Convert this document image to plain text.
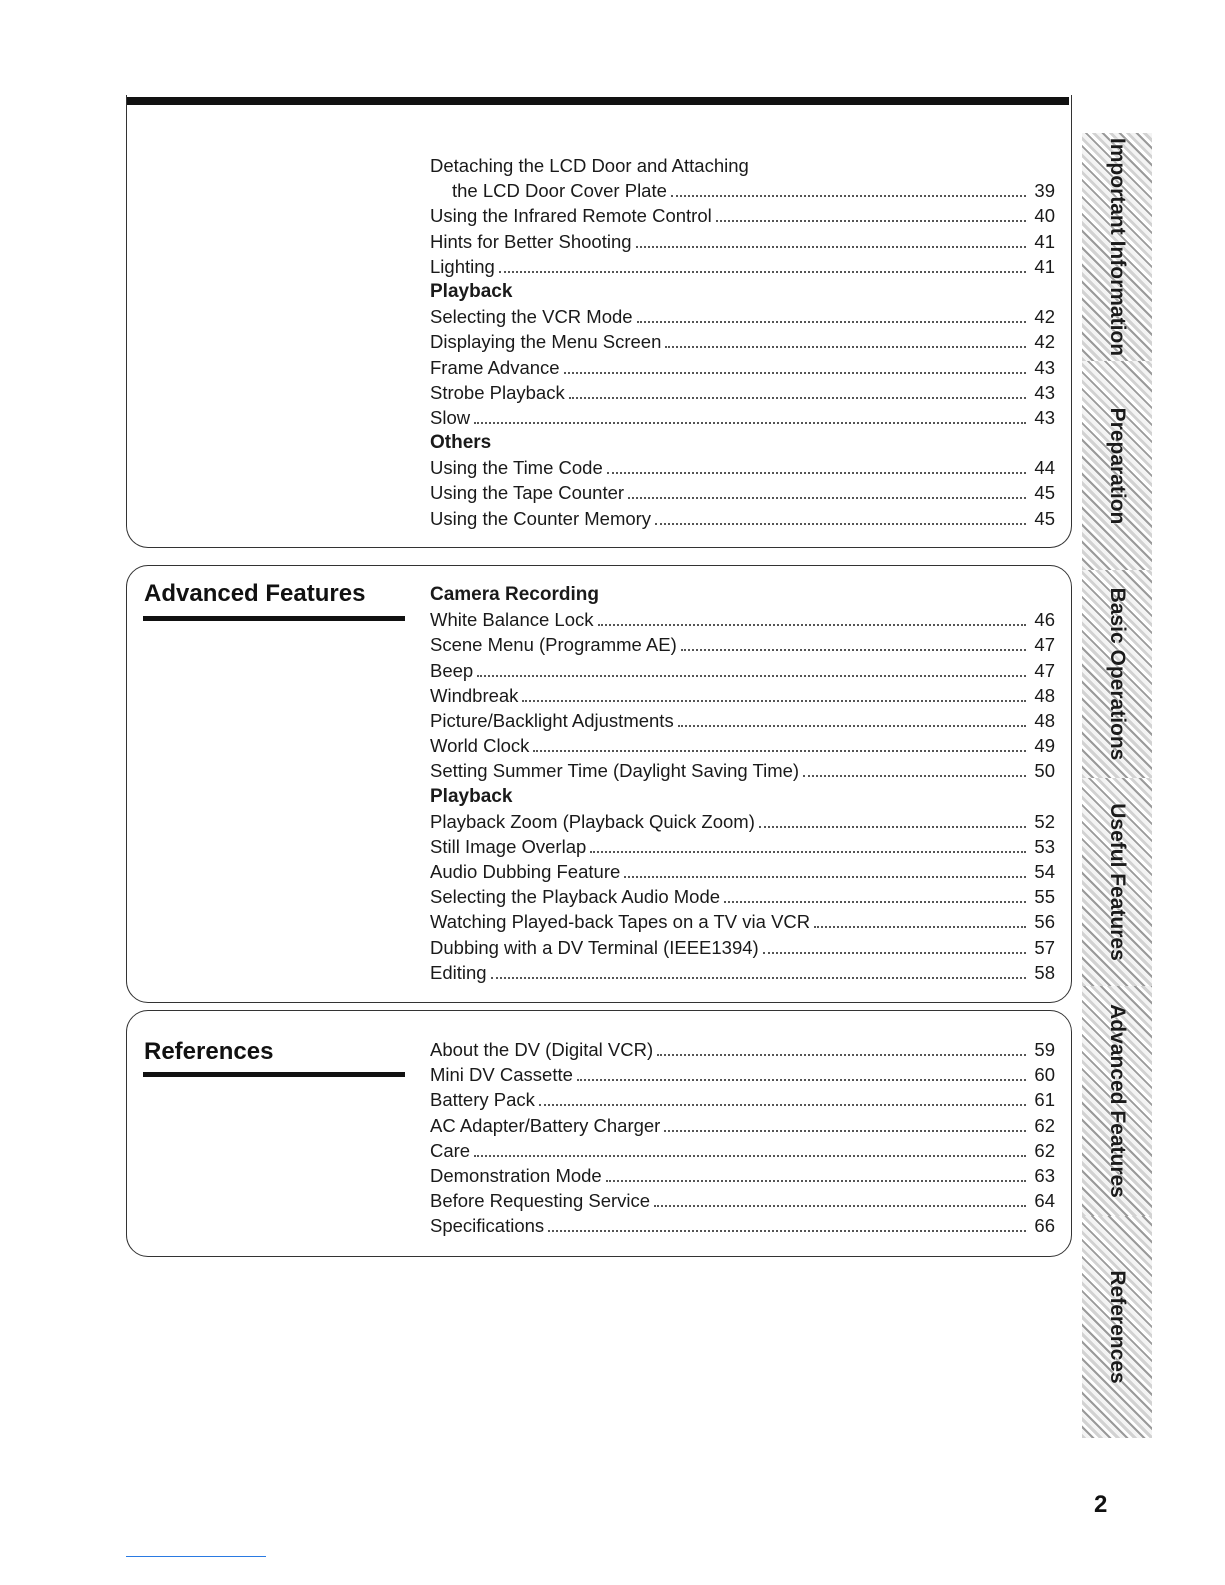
Advanced Features
References
Detaching the LCD Door and Attaching
the LCD Door Cover Plate	39
Using the Infrared Remote Control	40
Hints for Better Shooting	41
Lighting	41
Playback
Selecting the VCR Mode	42
Displaying the Menu Screen	42
Frame Advance	43
Strobe Playback	43
Slow	43
Others
Using the Time Code	44
Using the Tape Counter	45
Using the Counter Memory	45
Camera Recording
White Balance Lock	46
Scene Menu (Programme AE)	47
Beep	47
Windbreak	48
Picture/Backlight Adjustments	48
World Clock	49
Setting Summer Time (Daylight Saving Time)	50
Playback
Playback Zoom (Playback Quick Zoom)	52
Still Image Overlap	53
Audio Dubbing Feature	54
Selecting the Playback Audio Mode	55
Watching Played-back Tapes on a TV via VCR	56
Dubbing with a DV Terminal (IEEE1394)	57
Editing	58
About the DV (Digital VCR)	59
Mini DV Cassette	60
Battery Pack	61
AC Adapter/Battery Charger	62
Care	62
Demonstration Mode	63
Before Requesting Service	64
Specifications	66
Important Information
Preparation
Basic Operations
Useful Features
Advanced Features
References
2
